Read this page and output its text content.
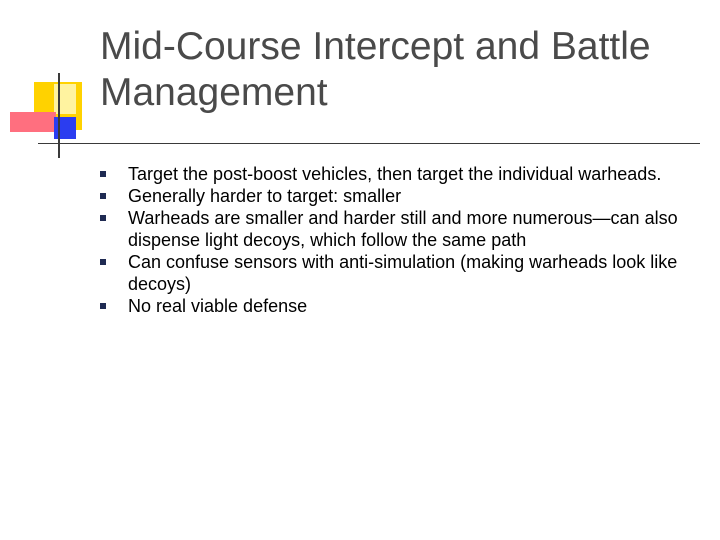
Mid-Course Intercept and Battle Management
Target the post-boost vehicles, then target the individual warheads.
Generally harder to target: smaller
Warheads are smaller and harder still and more numerous—can also dispense light decoys, which follow the same path
Can confuse sensors with anti-simulation (making warheads look like decoys)
No real viable defense
